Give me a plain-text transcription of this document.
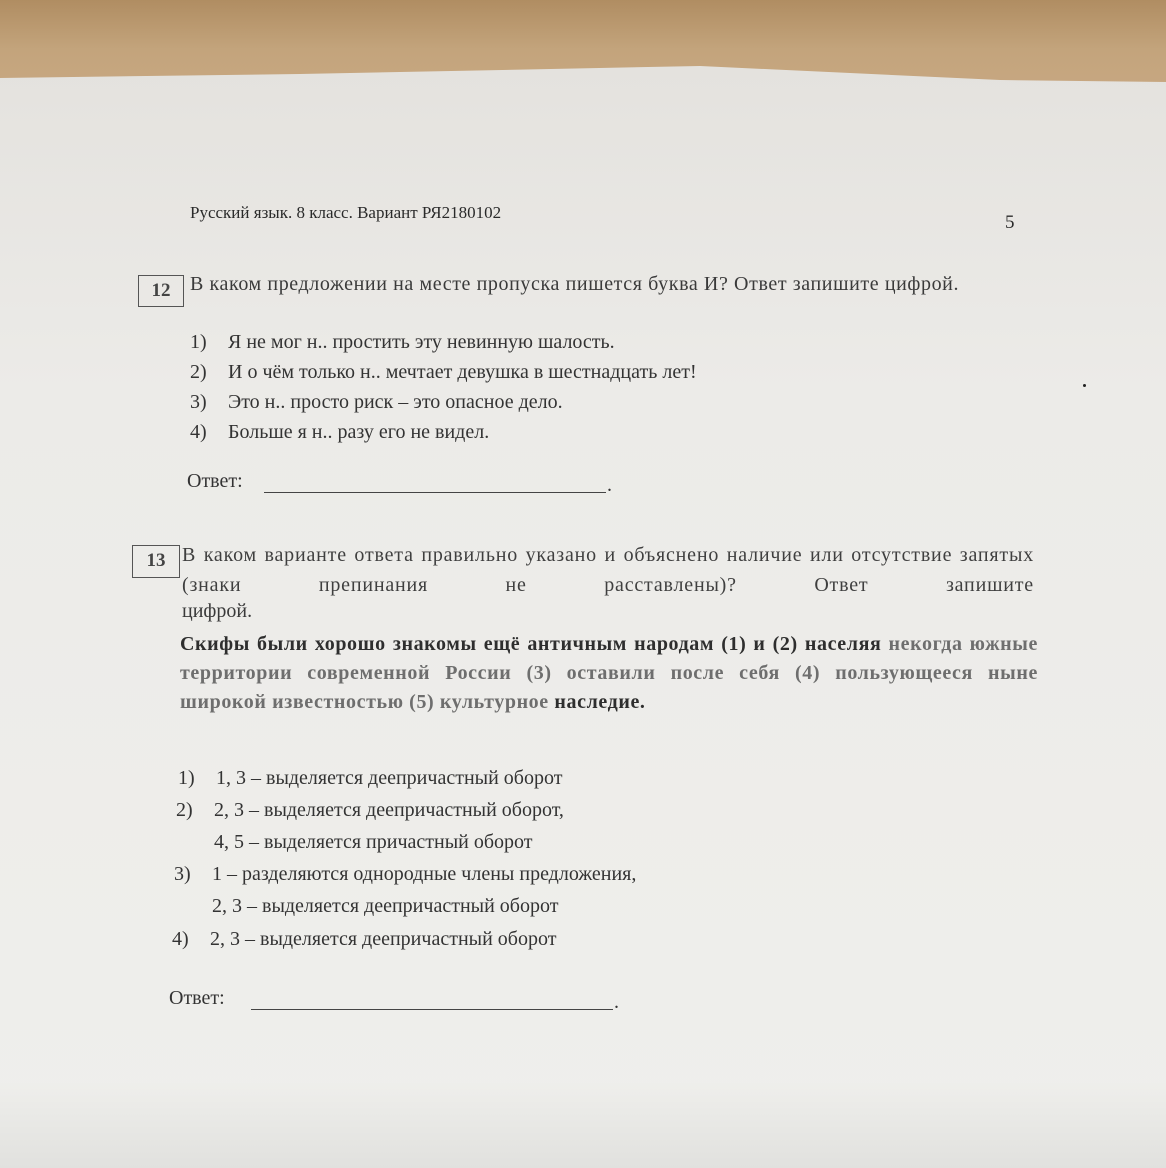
Русский язык. 8 класс. Вариант РЯ2180102	5
12 В каком предложении на месте пропуска пишется буква И? Ответ запишите цифрой.
1) Я не мог н.. простить эту невинную шалость.
2) И о чём только н.. мечтает девушка в шестнадцать лет!
3) Это н.. просто риск – это опасное дело.
4) Больше я н.. разу его не видел.
Ответ:	.
13 В каком варианте ответа правильно указано и объяснено наличие или отсутствие запятых (знаки препинания не расставлены)? Ответ запишите
цифрой.
Скифы были хорошо знакомы ещё античным народам (1) и (2) населяя некогда южные территории современной России (3) оставили после себя (4) пользующееся ныне широкой известностью (5) культурное наследие.
1) 1, 3 – выделяется деепричастный оборот
2) 2, 3 – выделяется деепричастный оборот,
4, 5 – выделяется причастный оборот
3) 1 – разделяются однородные члены предложения,
2, 3 – выделяется деепричастный оборот
4) 2, 3 – выделяется деепричастный оборот
Ответ:	.
